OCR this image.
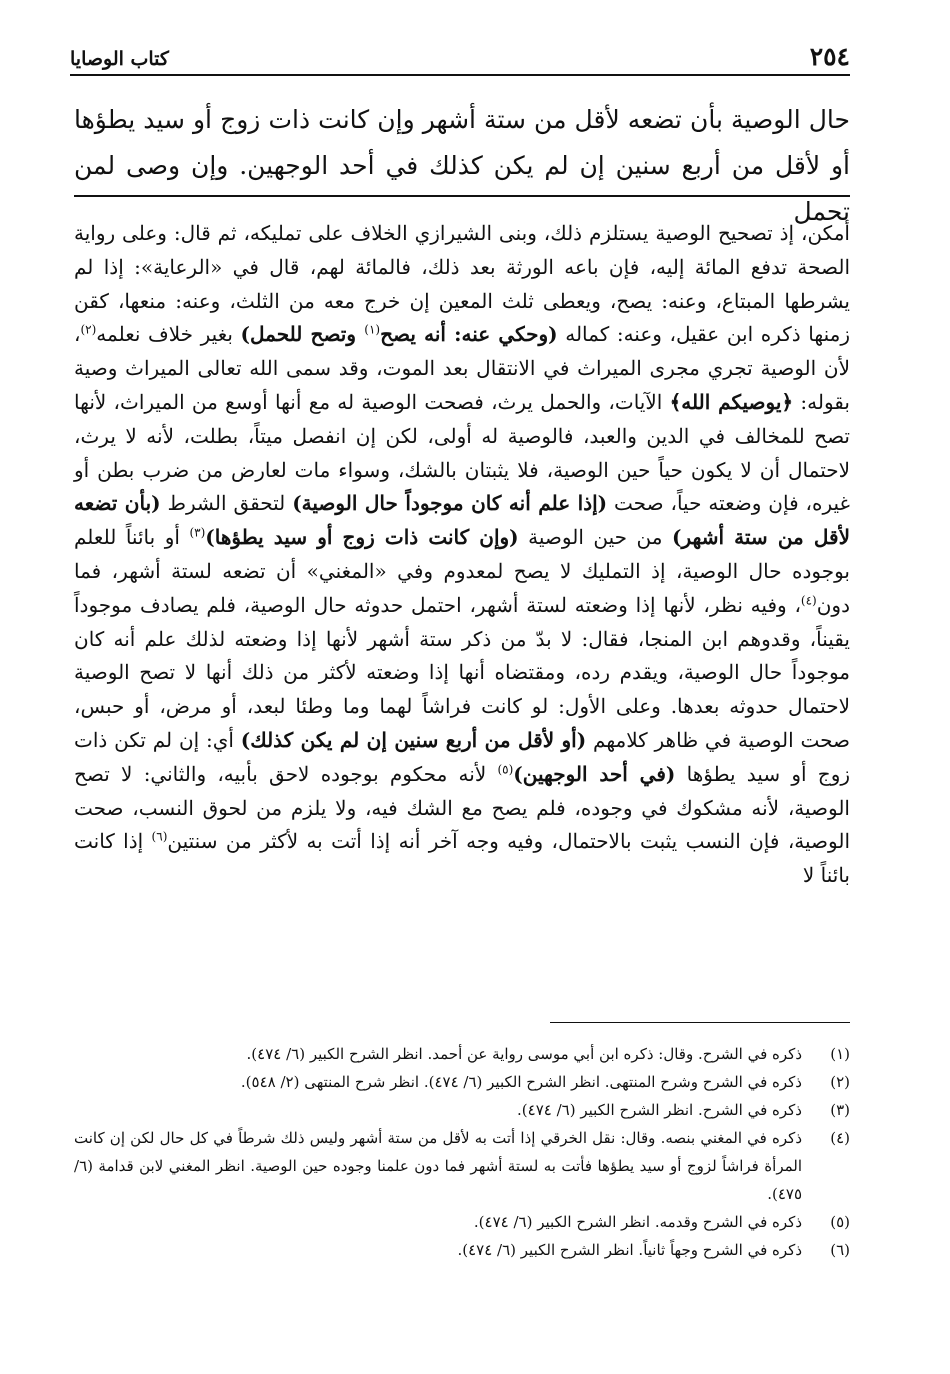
٢٥٤
كتاب الوصايا

حال الوصية بأن تضعه لأقل من ستة أشهر وإن كانت ذات زوج أو سيد يطؤها أو لأقل من أربع سنين إن لم يكن كذلك في أحد الوجهين. وإن وصى لمن تحمل

أمكن، إذ تصحيح الوصية يستلزم ذلك، وبنى الشيرازي الخلاف على تمليكه، ثم قال: وعلى رواية الصحة تدفع المائة إليه، فإن باعه الورثة بعد ذلك، فالمائة لهم، قال في «الرعاية»: إذا لم يشرطها المبتاع، وعنه: يصح، ويعطى ثلث المعين إن خرج معه من الثلث، وعنه: منعها، كقن زمنها ذكره ابن عقيل، وعنه: كماله (وحكي عنه: أنه يصح$^{(١)}$ وتصح للحمل) بغير خلاف نعلمه$^{(٢)}$، لأن الوصية تجري مجرى الميراث في الانتقال بعد الموت، وقد سمى الله تعالى الميراث وصية بقوله: ﴿يوصيكم الله﴾ الآيات، والحمل يرث، فصحت الوصية له مع أنها أوسع من الميراث، لأنها تصح للمخالف في الدين والعبد، فالوصية له أولى، لكن إن انفصل ميتاً، بطلت، لأنه لا يرث، لاحتمال أن لا يكون حياً حين الوصية، فلا يثبتان بالشك، وسواء مات لعارض من ضرب بطن أو غيره، فإن وضعته حياً، صحت (إذا علم أنه كان موجوداً حال الوصية) لتحقق الشرط (بأن تضعه لأقل من ستة أشهر) من حين الوصية (وإن كانت ذات زوج أو سيد يطؤها)$^{(٣)}$ أو بائناً للعلم بوجوده حال الوصية، إذ التمليك لا يصح لمعدوم وفي «المغني» أن تضعه لستة أشهر، فما دون$^{(٤)}$، وفيه نظر، لأنها إذا وضعته لستة أشهر، احتمل حدوثه حال الوصية، فلم يصادف موجوداً يقيناً، وقدوهم ابن المنجا، فقال: لا بدّ من ذكر ستة أشهر لأنها إذا وضعته لذلك علم أنه كان موجوداً حال الوصية، ويقدم رده، ومقتضاه أنها إذا وضعته لأكثر من ذلك أنها لا تصح الوصية لاحتمال حدوثه بعدها. وعلى الأول: لو كانت فراشاً لهما وما وطئا لبعد، أو مرض، أو حبس، صحت الوصية في ظاهر كلامهم (أو لأقل من أربع سنين إن لم يكن كذلك) أي: إن لم تكن ذات زوج أو سيد يطؤها (في أحد الوجهين)$^{(٥)}$ لأنه محكوم بوجوده لاحق بأبيه، والثاني: لا تصح الوصية، لأنه مشكوك في وجوده، فلم يصح مع الشك فيه، ولا يلزم من لحوق النسب، صحت الوصية، فإن النسب يثبت بالاحتمال، وفيه وجه آخر أنه إذا أتت به لأكثر من سنتين$^{(٦)}$ إذا كانت بائناً لا

(١)
ذكره في الشرح. وقال: ذكره ابن أبي موسى رواية عن أحمد. انظر الشرح الكبير (٦/ ٤٧٤).
(٢)
ذكره في الشرح وشرح المنتهى. انظر الشرح الكبير (٦/ ٤٧٤). انظر شرح المنتهى (٢/ ٥٤٨).
(٣)
ذكره في الشرح. انظر الشرح الكبير (٦/ ٤٧٤).
(٤)
ذكره في المغني بنصه. وقال: نقل الخرقي إذا أتت به لأقل من ستة أشهر وليس ذلك شرطاً في كل حال لكن إن كانت المرأة فراشاً لزوج أو سيد يطؤها فأتت به لستة أشهر فما دون علمنا وجوده حين الوصية. انظر المغني لابن قدامة (٦/ ٤٧٥).
(٥)
ذكره في الشرح وقدمه. انظر الشرح الكبير (٦/ ٤٧٤).
(٦)
ذكره في الشرح وجهاً ثانياً. انظر الشرح الكبير (٦/ ٤٧٤).
